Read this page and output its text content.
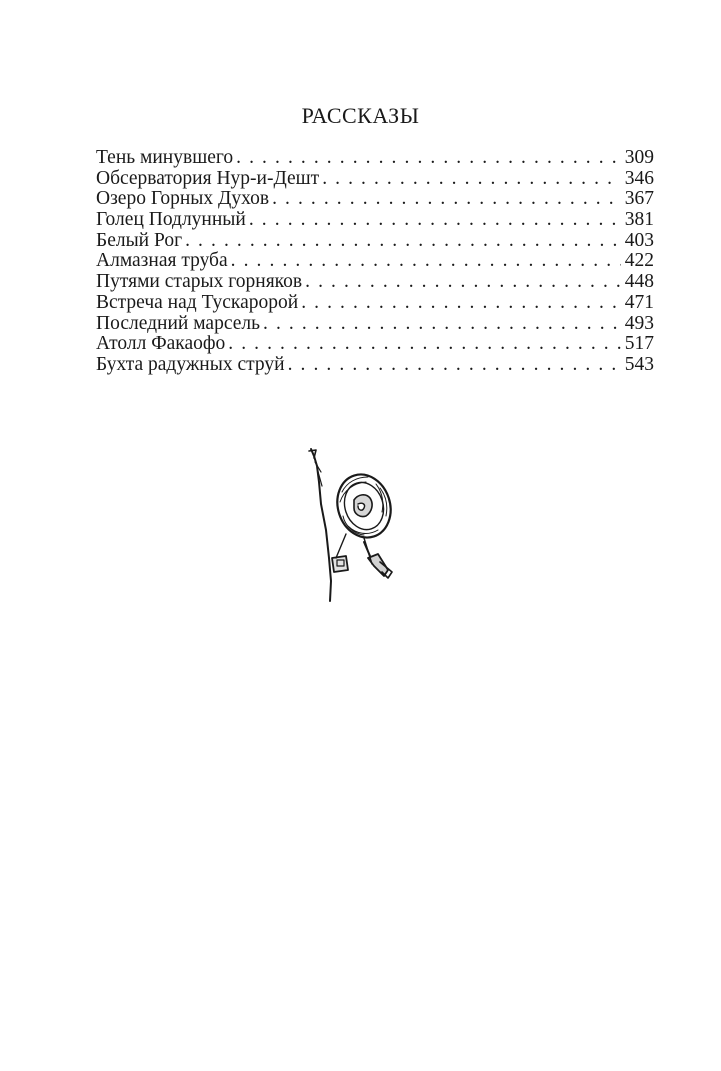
РАССКАЗЫ
Тень минувшего . . .	309
Обсерватория Нур-и-Дешт . . .	346
Озеро Горных Духов . . .	367
Голец Подлунный . . .	381
Белый Рог . . .	403
Алмазная труба . . .	422
Путями старых горняков . . .	448
Встреча над Тускаророй . . .	471
Последний марсель . . .	493
Атолл Факаофо . . .	517
Бухта радужных струй . . .	543
